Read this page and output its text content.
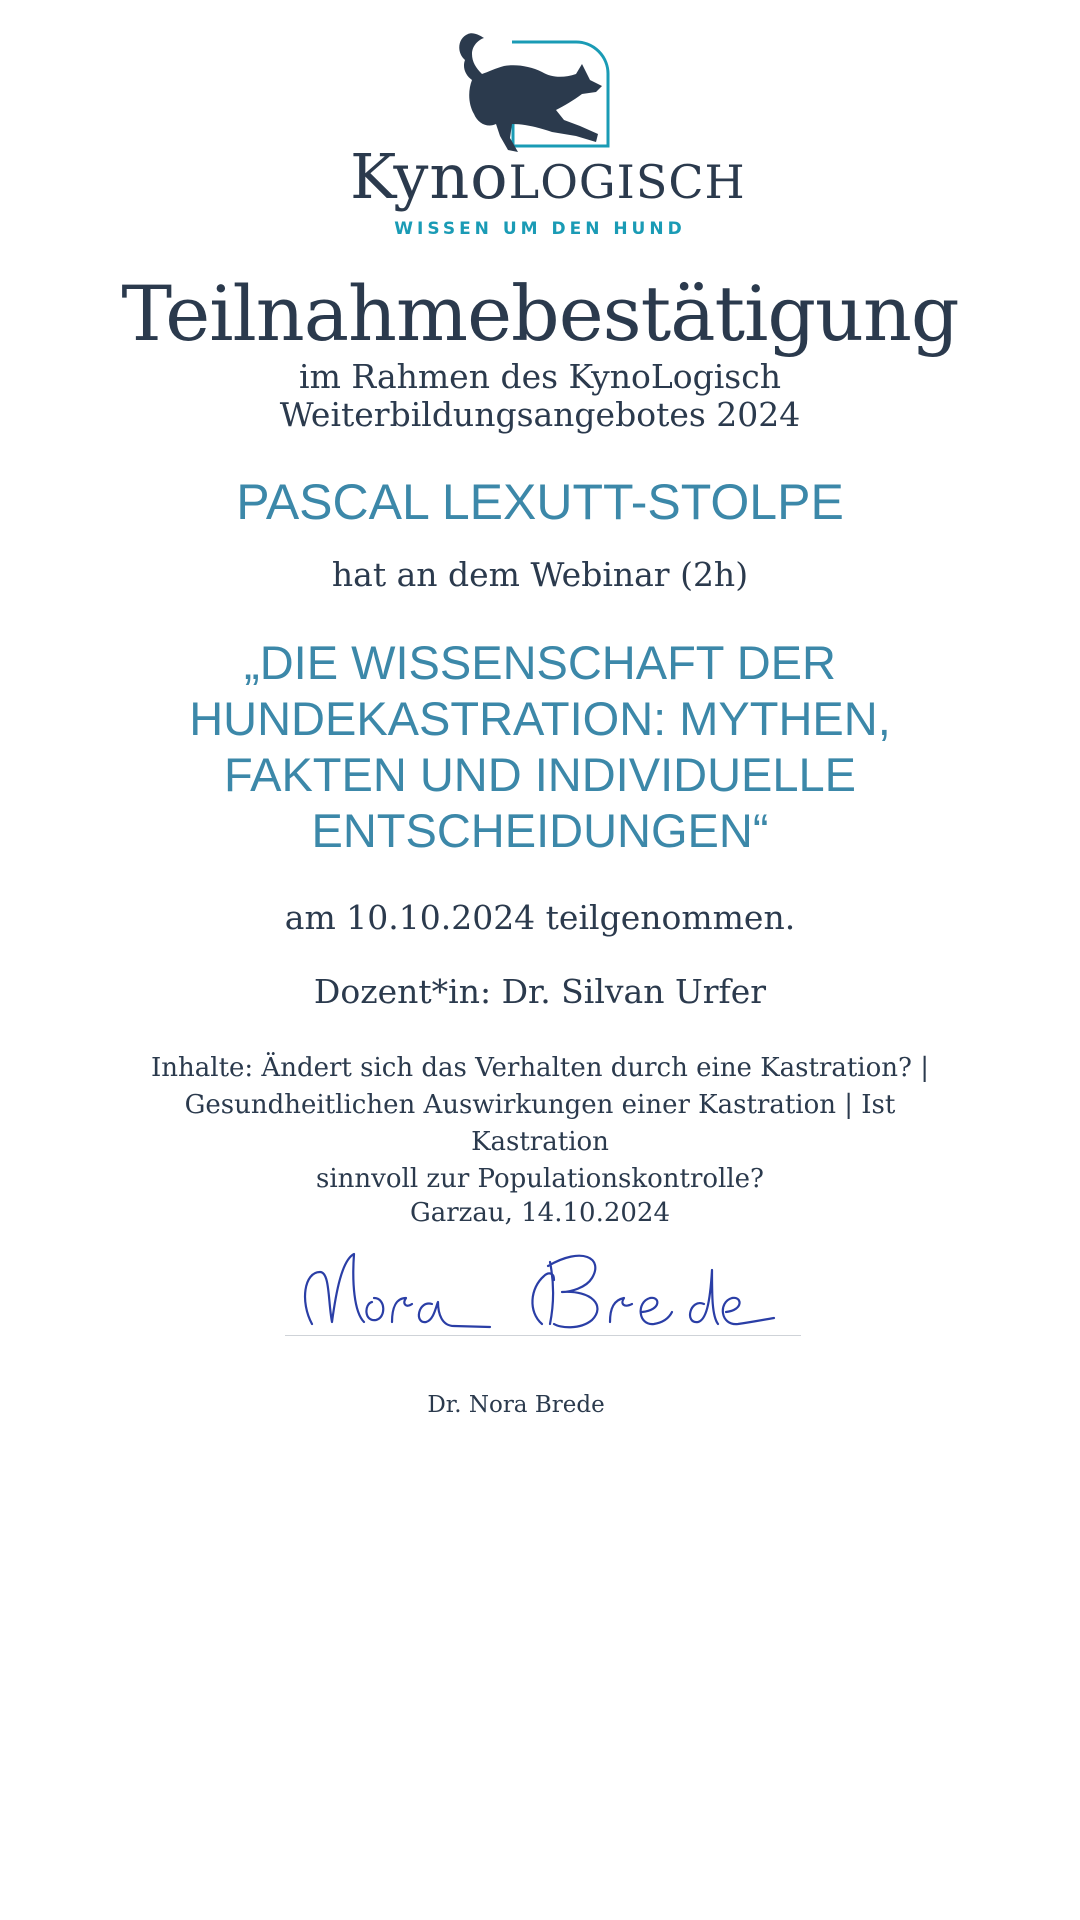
KynoLOGISCH
WISSEN UM DEN HUND
Teilnahmebestätigung
im Rahmen des KynoLogisch
Weiterbildungsangebotes 2024
PASCAL LEXUTT-STOLPE
hat an dem Webinar (2h)
„DIE WISSENSCHAFT DER
HUNDEKASTRATION: MYTHEN,
FAKTEN UND INDIVIDUELLE
ENTSCHEIDUNGEN“
am 10.10.2024 teilgenommen.
Dozent*in: Dr. Silvan Urfer
Inhalte: Ändert sich das Verhalten durch eine Kastration? |
Gesundheitlichen Auswirkungen einer Kastration | Ist Kastration
sinnvoll zur Populationskontrolle?
Garzau, 14.10.2024
Dr. Nora Brede
